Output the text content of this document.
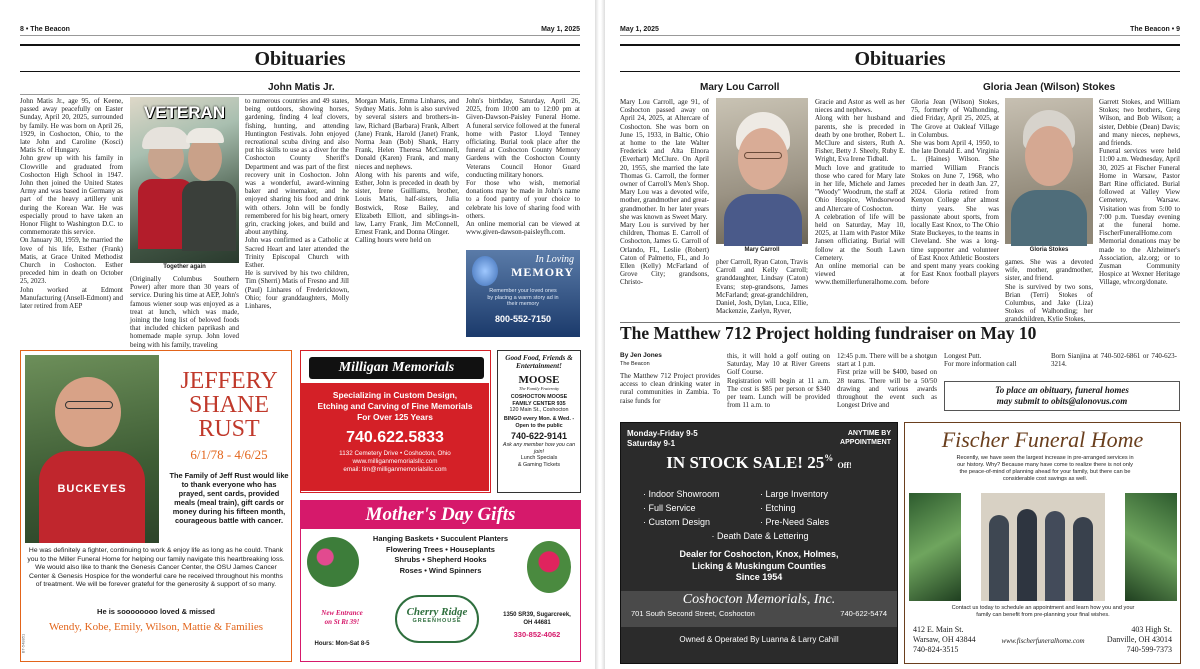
8 • The Beacon	May 1, 2025
Obituaries
John Matis Jr.
John Matis Jr., age 95, of Keene, passed away peacefully on Easter Sunday, April 20, 2025, surrounded by family. He was born on April 26, 1929, in Coshocton, Ohio, to the late John and Caroline (Kosci) Matis Sr. of Hungary.
John grew up with his family in Clowville and graduated from Coshocton High School in 1947. John then joined the United States Army and was based in Germany as part of the heavy artillery unit during the Korean War. He was especially proud to have taken an Honor Flight to Washington D.C. to commemorate this service.
On January 30, 1959, he married the love of his life, Esther (Frank) Matis, at Grace United Methodist Church in Coshocton. Esther preceded him in death on October 25, 2023.
John worked at Edmont Manufacturing (Ansell-Edmont) and later retired from AEP
VETERAN
Together again
(Originally Columbus Southern Power) after more than 30 years of service. During his time at AEP, John's famous wiener soup was enjoyed as a treat at lunch, which was made, joining the long list of beloved foods that included chicken paprikash and homemade maple syrup. John loved being with his family, traveling
to numerous countries and 49 states, being outdoors, showing horses, gardening, finding 4 leaf clovers, fishing, hunting, and attending Huntington Festivals. John enjoyed recreational scuba diving and also put his skills to use as a diver for the Coshocton County Sheriff's Department and was part of the first recovery unit in Coshocton. John was a wonderful, award-winning baker and winemaker, and he enjoyed sharing his food and drink with others. John will be fondly remembered for his big heart, ornery grin, cracking jokes, and build and about anything.
John was confirmed as a Catholic at Sacred Heart and later attended the Trinity Episcopal Church with Esther.
He is survived by his two children, Tim (Sherri) Matis of Fresno and Jill (Paul) Linhares of Fredericktown, Ohio; four granddaughters, Molly Linhares,
Morgan Matis, Emma Linhares, and Sydney Matis. John is also survived by several sisters and brothers-in-law, Richard (Barbara) Frank, Albert (Jane) Frank, Harold (Janet) Frank, Norma Jean (Bob) Shank, Harry Frank, Helen Theresa McConnell, Donald (Karen) Frank, and many nieces and nephews.
Along with his parents and wife, Esther, John is preceded in death by sister, Irene Guilliams, brother, Louis Matis, half-sisters, Julia Bostwick, Rose Bailey, and Elizabeth Elliott, and siblings-in-law, Larry Frank, Jim McConnell, Ernest Frank, and Donna Olinger.
Calling hours were held on
John's birthday, Saturday, April 26, 2025, from 10:00 am to 12:00 pm at Given-Dawson-Paisley Funeral Home. A funeral service followed at the funeral home with Pastor Lloyd Tenney officiating. Burial took place after the funeral at Coshocton County Memory Gardens with the Coshocton County Veterans Council Honor Guard conducting military honors.
For those who wish, memorial donations may be made in John's name to a food pantry of your choice to celebrate his love of sharing food with others.
An online memorial can be viewed at www.given-dawson-paisleyfh.com.
In Loving
MEMORY
Remember your loved ones
by placing a warm story ad in
their memory
800-552-7150
BUCKEYES
JEFFERY
SHANE
RUST
6/1/78 - 4/6/25
The Family of Jeff Rust would like to thank everyone who has prayed, sent cards, provided meals (meal train), gift cards or money during his fifteen month, courageous battle with cancer.
He was definitely a fighter, continuing to work & enjoy life as long as he could. Thank you to the Miller Funeral Home for helping our family navigate this heartbreaking loss. We would also like to thank the Genesis Cancer Center, the OSU James Cancer Center & Genesis Hospice for the wonderful care he received throughout his months of treatment. We will be forever grateful for the generosity & support of so many.
He is soooooooo loved & missed
Wendy, Kobe, Emily, Wilson, Mattie & Families
BT-548851
Milligan Memorials
Specializing in Custom Design,
Etching and Carving of Fine Memorials
For Over 125 Years
740.622.5833
1132 Cemetery Drive • Coshocton, Ohio
www.milliganmemorialsllc.com
email: tim@milliganmemorialsllc.com
Good Food, Friends & Entertainment!
MOOSE
The Family Fraternity
COSHOCTON MOOSE
FAMILY CENTER 935
120 Main St., Coshocton
BINGO every Mon. & Wed. - Open to the public
740-622-9141
Ask any member how you can join!
Lunch Specials
& Gaming Tickets
Mother's Day Gifts
Hanging Baskets • Succulent Planters
Flowering Trees • Houseplants
Shrubs • Shepherd Hooks
Roses • Wind Spinners
New Entrance
on St Rt 39!
Hours: Mon-Sat 8-5
Cherry Ridge
GREENHOUSE
1350 SR39, Sugarcreek,
OH 44681
330-852-4062
May 1, 2025	The Beacon • 9
Obituaries
Mary Lou Carroll
Mary Lou Carroll, age 91, of Coshocton passed away on April 24, 2025, at Altercare of Coshocton. She was born on June 15, 1933, in Baltic, Ohio at home to the late Walter Frederick and Alta Elnora (Everhart) McClure. On April 20, 1955, she married the late Thomas G. Carroll, the former owner of Carroll's Men's Shop. Mary Lou was a devoted wife, mother, grandmother and great-grandmother. In her later years she was known as Sweet Mary.
Mary Lou is survived by her children, Thomas E. Carroll of Coshocton, James G. Carroll of Orlando, FL, Leslie (Robert) Caton of Palmetto, FL, and Jo Ellen (Kelly) McFarland of Grove City; grandsons, Christo-
Mary Carroll
pher Carroll, Ryan Caton, Travis Carroll and Kelly Carroll; granddaughter, Lindsay (Caton) Evans; step-grandsons, James McFarland; great-grandchildren, Daniel, Josh, Dylan, Luca, Ellie, Mackenzie, Zaelyn, Ryver,
Gracie and Astor as well as her nieces and nephews.
Along with her husband and parents, she is preceded in death by one brother, Robert L. McClure and sisters, Ruth A. Fisher, Betty J. Sheely, Ruby E. Wright, Eva Irene Tidball.
Much love and gratitude to those who cared for Mary late in her life, Michele and James "Woody" Woodrum, the staff at Ohio Hospice, Windsorwood and Altercare of Coshocton.
A celebration of life will be held on Saturday, May 10, 2025, at 11am with Pastor Mike Jansen officiating. Burial will follow at the South Lawn Cemetery.
An online memorial can be viewed at www.themillerfuneralhome.com.
Gloria Jean (Wilson) Stokes
Gloria Jean (Wilson) Stokes, 75, formerly of Walhonding, died Friday, April 25, 2025, at The Grove at Oakleaf Village in Columbus.
She was born April 4, 1950, to the late Donald E. and Virginia L. (Haines) Wilson. She married William Francis Stokes on June 7, 1968, who preceded her in death Jan. 27, 2024. Gloria retired from Kenyon College after almost thirty years. She was passionate about sports, from locally East Knox, to The Ohio State Buckeyes, to the teams in Cleveland. She was a long-time supporter and volunteer of East Knox Athletic Boosters and spent many years cooking for East Knox football players before
Gloria Stokes
games. She was a devoted wife, mother, grandmother, sister, and friend.
She is survived by two sons, Brian (Terri) Stokes of Columbus, and Jake (Liza) Stokes of Walhonding; her grandchildren, Kylie Stokes,
Garrett Stokes, and William Stokes; two brothers, Greg Wilson, and Bob Wilson; a sister, Debbie (Dean) Davis; and many nieces, nephews, and friends.
Funeral services were held 11:00 a.m. Wednesday, April 30, 2025 at Fischer Funeral Home in Warsaw, Pastor Bart Rine officiated. Burial followed at Valley View Cemetery, Warsaw. Visitation was from 5:00 to 7:00 p.m. Tuesday evening at the funeral home. FischerFuneralHome.com
Memorial donations may be made to the Alzheimer's Association, alz.org; or to Zusman Community Hospice at Wexner Heritage Village, whv.org/donate.
The Matthew 712 Project holding fundraiser on May 10
By Jen Jones
The Beacon
The Matthew 712 Project provides access to clean drinking water in rural communities in Zambia. To raise funds for
this, it will hold a golf outing on Saturday, May 10 at River Greens Golf Course.
Registration will begin at 11 a.m. The cost is $85 per person or $340 per team. Lunch will be provided from 11 a.m. to
12:45 p.m. There will be a shotgun start at 1 p.m.
First prize will be $400, based on 28 teams. There will be a 50/50 drawing and various awards throughout the event such as Longest Drive and
Longest Putt.
For more information call
Born Sianjina at 740-502-6861 or 740-623-3214.
To place an obituary, funeral homes
may submit to obits@alonovus.com
Monday-Friday 9-5
Saturday 9-1
ANYTIME BY
APPOINTMENT
IN STOCK SALE! 25% Off!
· Indoor Showroom	· Large Inventory
· Full Service	· Etching
· Custom Design	· Pre-Need Sales
· Death Date & Lettering
Dealer for Coshocton, Knox, Holmes,
Licking & Muskingum Counties
Since 1954
Coshocton Memorials, Inc.
701 South Second Street, Coshocton	740-622-5474
Owned & Operated By Luanna & Larry Cahill
Fischer Funeral Home
Recently, we have seen the largest increase in pre-arranged services in our history. Why? Because many have come to realize there is not only the peace-of-mind of planning ahead for your family, but there can be considerable cost savings as well.
Contact us today to schedule an appointment and learn how you and your family can benefit from pre-planning your final wishes.
412 E. Main St.
Warsaw, OH 43844
740-824-3515
www.fischerfuneralhome.com
403 High St.
Danville, OH 43014
740-599-7373
